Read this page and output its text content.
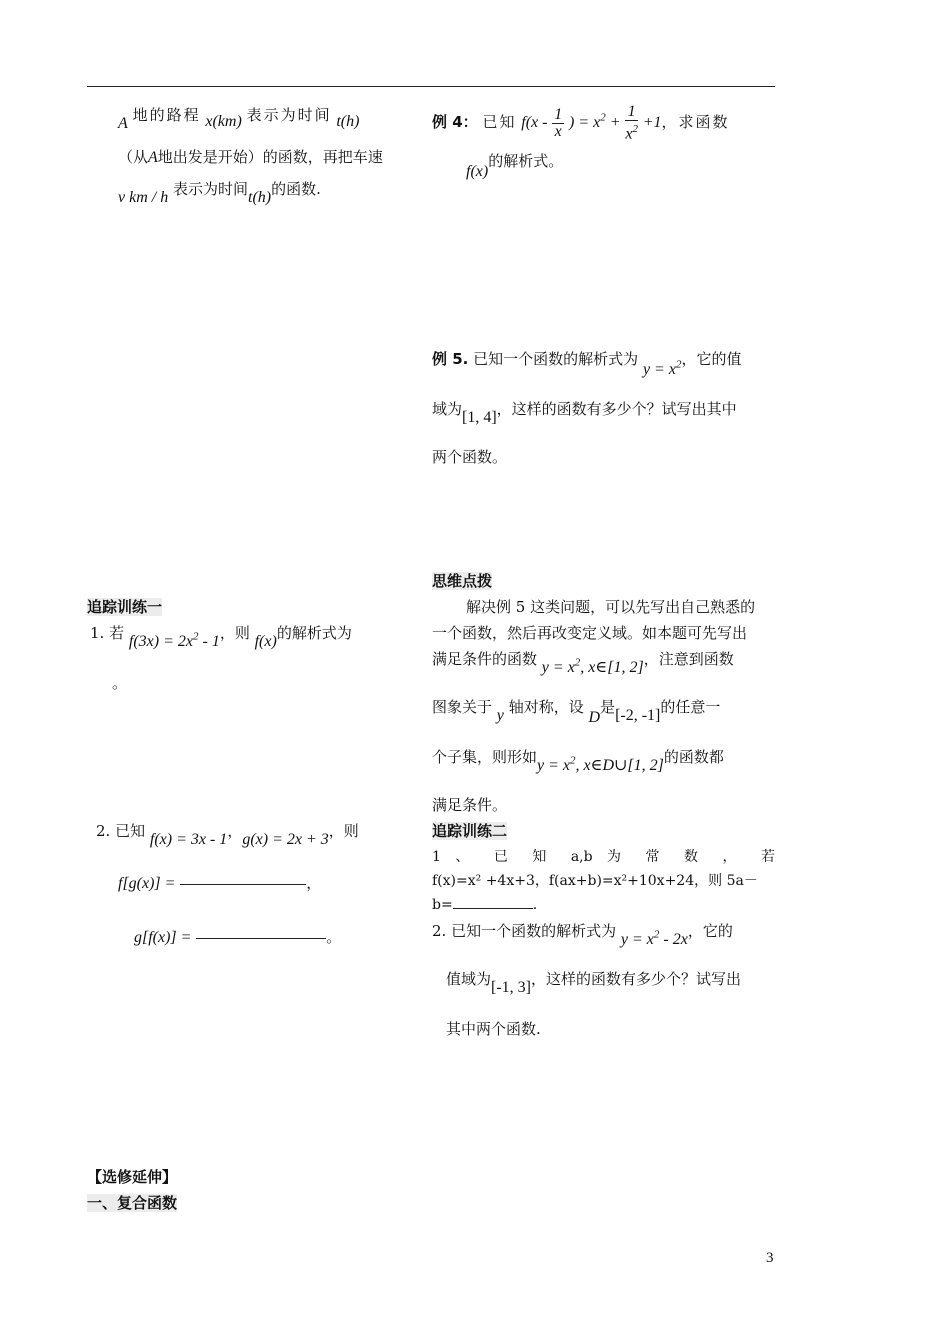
A 地的路程 x(km) 表示为时间 t(h)
（从A地出发是开始）的函数，再把车速
v km / h 表示为时间t(h)的函数.
追踪训练一
1. 若 $f(3x) = 2x^2 - 1$，则 f(x)的解析式为
。
2. 已知 f(x) = 3x - 1，g(x) = 2x + 3，则
f[g(x)] =	，
g[f(x)] =	。
例 4： 已知 $f(x - \frac{1}{x}$ ) = $x^2 + \frac{1}{x^2} +1$，求函数
f(x)的解析式。
例 5. 已知一个函数的解析式为 $y = x^2$，它的值
域为[1, 4]，这样的函数有多少个？试写出其中
两个函数。
思维点拨
解决例 5 这类问题，可以先写出自己熟悉的
一个函数，然后再改变定义域。如本题可先写出
满足条件的函数 $y = x^2$, x∈[1, 2]，注意到函数
图象关于 y 轴对称，设 D是[-2, -1]的任意一
个子集，则形如$y = x^2$, x∈D∪[1, 2]的函数都
满足条件。
追踪训练二
1 、 已 知 a,b 为 常 数 ， 若
f(x)=x² +4x+3，f(ax+b)=x²+10x+24，则 5a－
b=	.
2. 已知一个函数的解析式为 $y = x^2 - 2x$，它的
值域为[-1, 3]，这样的函数有多少个？试写出
其中两个函数.
【选修延伸】
一、复合函数
3
